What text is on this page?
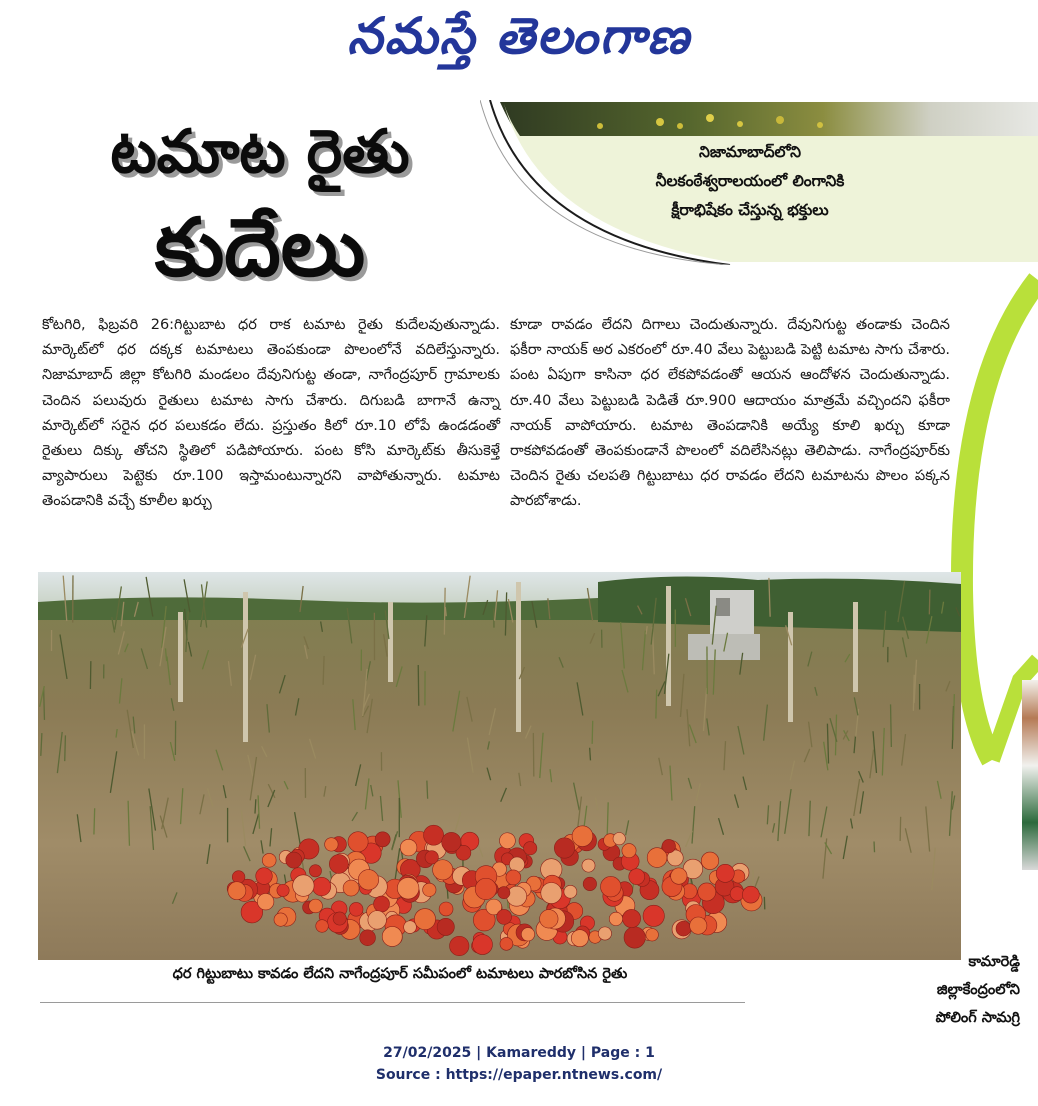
నమస్తే తెలంగాణ
నిజామాబాద్‌లోని
నీలకంఠేశ్వరాలయంలో లింగానికి
క్షీరాభిషేకం చేస్తున్న భక్తులు
టమాట రైతు
కుదేలు

కోటగిరి, ఫిబ్రవరి 26:గిట్టుబాట ధర రాక టమాట రైతు కుదేలవుతున్నాడు. మార్కెట్‌లో ధర దక్కక టమాటలు తెంపకుండా పొలంలోనే వదిలేస్తున్నారు. నిజామాబాద్‌ జిల్లా కోటగిరి మండలం దేవునిగుట్ట తండా, నాగేంద్రపూర్‌ గ్రామాలకు చెందిన పలువురు రైతులు టమాట సాగు చేశారు. దిగుబడి బాగానే ఉన్నా మార్కెట్‌లో సరైన ధర పలుకడం లేదు. ప్రస్తుతం కిలో రూ.10 లోపే ఉండడంతో రైతులు దిక్కు తోచని స్థితిలో పడిపోయారు. పంట కోసి మార్కెట్‌కు తీసుకెళ్తే వ్యాపారులు పెట్టెకు రూ.100 ఇస్తామంటున్నారని వాపోతున్నారు. టమాట తెంపడానికి వచ్చే కూలీల ఖర్చు

కూడా రావడం లేదని దిగాలు చెందుతున్నారు. దేవునిగుట్ట తండాకు చెందిన ఫకీరా నాయక్‌ అర ఎకరంలో రూ.40 వేలు పెట్టుబడి పెట్టి టమాట సాగు చేశారు. పంట ఏపుగా కాసినా ధర లేకపోవడంతో ఆయన ఆందోళన చెందుతున్నాడు. రూ.40 వేలు పెట్టుబడి పెడితే రూ.900 ఆదాయం మాత్రమే వచ్చిందని ఫకీరా నాయక్‌ వాపోయారు. టమాట తెంపడానికి అయ్యే కూలి ఖర్చు కూడా రాకపోవడంతో తెంపకుండానే పొలంలో వదిలేసినట్లు తెలిపాడు. నాగేంద్రపూర్‌కు చెందిన రైతు చలపతి గిట్టుబాటు ధర రావడం లేదని టమాటను పొలం పక్కన పారబోశాడు.

ధర గిట్టుబాటు కావడం లేదని నాగేంద్రపూర్‌ సమీపంలో టమాటలు పారబోసిన రైతు
కామారెడ్డి
జిల్లాకేంద్రంలోని
పోలింగ్‌ సామగ్రి
27/02/2025 | Kamareddy | Page : 1
Source : https://epaper.ntnews.com/
